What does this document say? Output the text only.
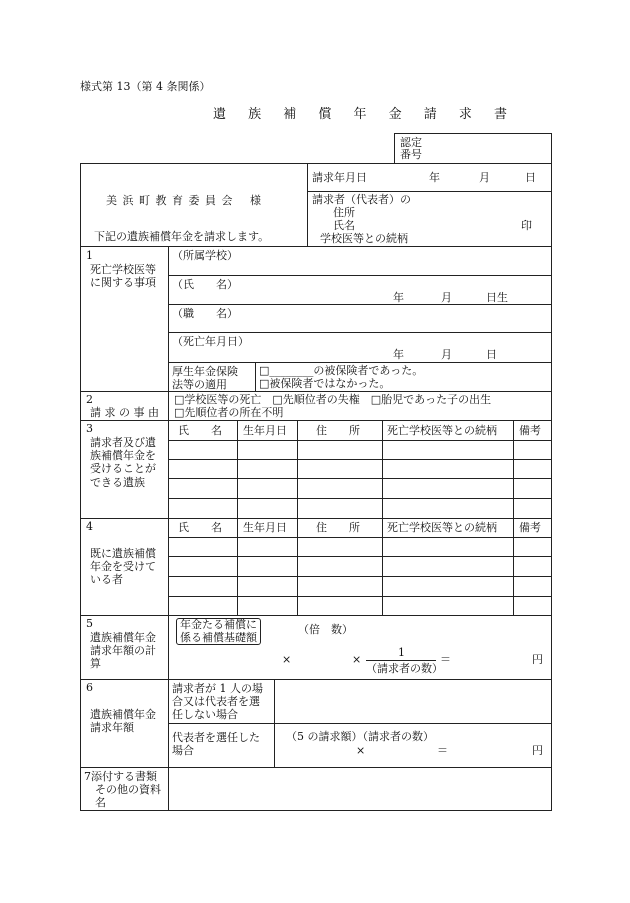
様式第 13（第 4 条関係）
遺 族 補 償 年 金 請 求 書
認定
番号
美 浜 町 教 育 委 員 会　 様
下記の遺族補償年金を請求します。
請求年月日	年	月	日
請求者（代表者）の
住所
氏名	印
学校医等との続柄
1
死亡学校医等
に関する事項
（所属学校）
（氏　　名）
年	月	日生
（職　　名）
（死亡年月日）
年	月	日
厚生年金保険
法等の適用
□________の被保険者であった。
□被保険者ではなかった。
2
請 求 の 事 由
□学校医等の死亡　□先順位者の失権　□胎児であった子の出生
□先順位者の所在不明
3
請求者及び遺
族補償年金を
受けることが
できる遺族
氏　　名 生年月日	住　　所 死亡学校医等との続柄 備考
4
既に遺族補償
年金を受けて
いる者
氏　　名 生年月日	住　　所 死亡学校医等との続柄 備考
5
遺族補償年金
請求年額の計
算
年金たる補償に
係る補償基礎額
（倍　数）
×	×
1
（請求者の数）
＝	円
6
遺族補償年金
請求年額
請求者が 1 人の場
合又は代表者を選
任しない場合
代表者を選任した
場合
（5 の請求額）（請求者の数）
×	＝	円
7添付する書類
　その他の資料
　名
